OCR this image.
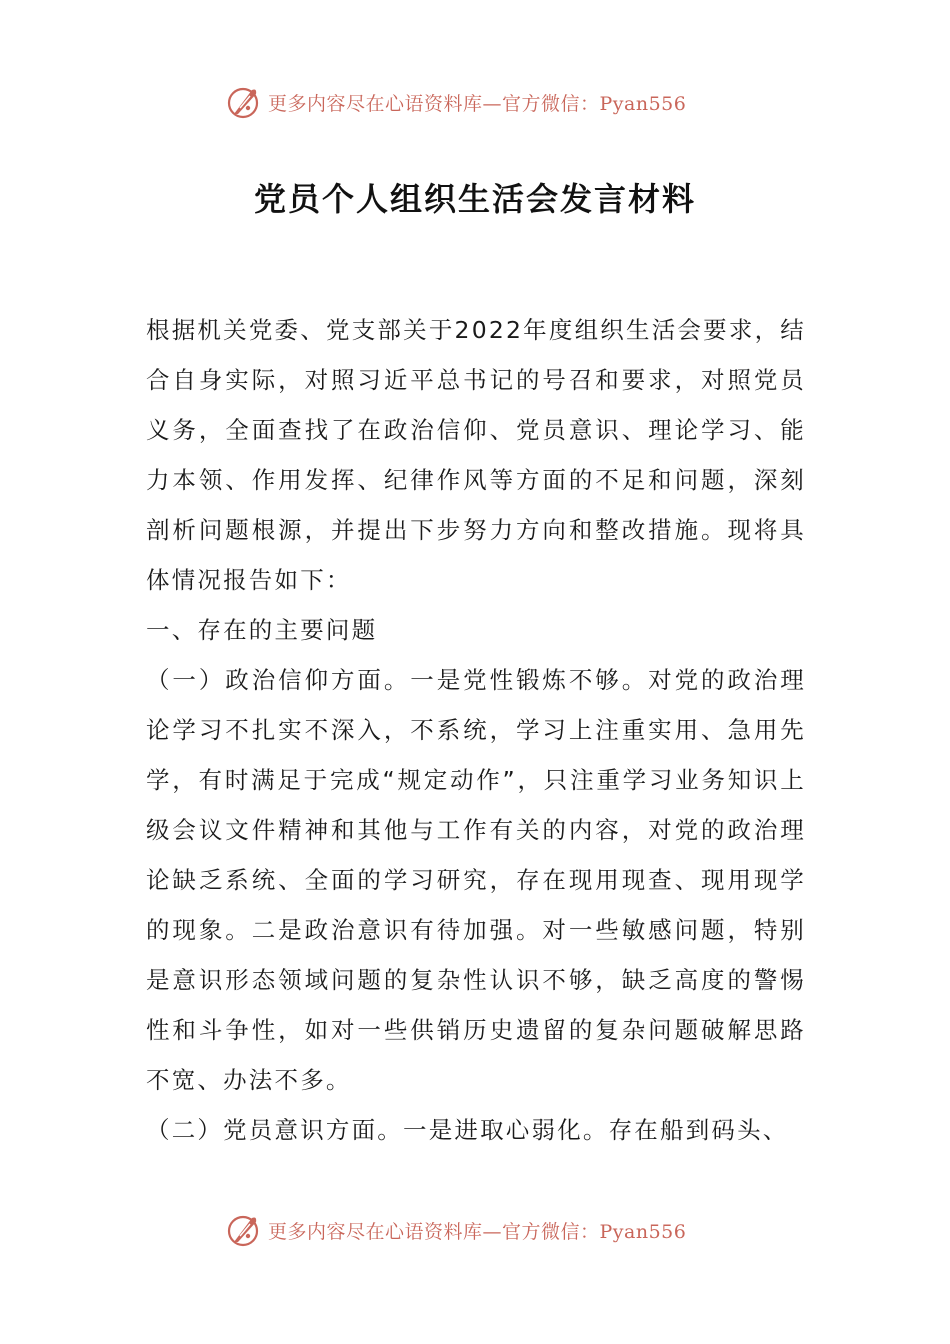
更多内容尽在心语资料库—官方微信：Pyan556
党员个人组织生活会发言材料

根据机关党委、党支部关于2022年度组织生活会要求，结合自身实际，对照习近平总书记的号召和要求，对照党员义务，全面查找了在政治信仰、党员意识、理论学习、能力本领、作用发挥、纪律作风等方面的不足和问题，深刻剖析问题根源，并提出下步努力方向和整改措施。现将具体情况报告如下：

一、存在的主要问题

（一）政治信仰方面。一是党性锻炼不够。对党的政治理论学习不扎实不深入，不系统，学习上注重实用、急用先学，有时满足于完成“规定动作”，只注重学习业务知识上级会议文件精神和其他与工作有关的内容，对党的政治理论缺乏系统、全面的学习研究，存在现用现查、现用现学的现象。二是政治意识有待加强。对一些敏感问题，特别是意识形态领域问题的复杂性认识不够，缺乏高度的警惕性和斗争性，如对一些供销历史遗留的复杂问题破解思路不宽、办法不多。

（二）党员意识方面。一是进取心弱化。存在船到码头、

更多内容尽在心语资料库—官方微信：Pyan556
